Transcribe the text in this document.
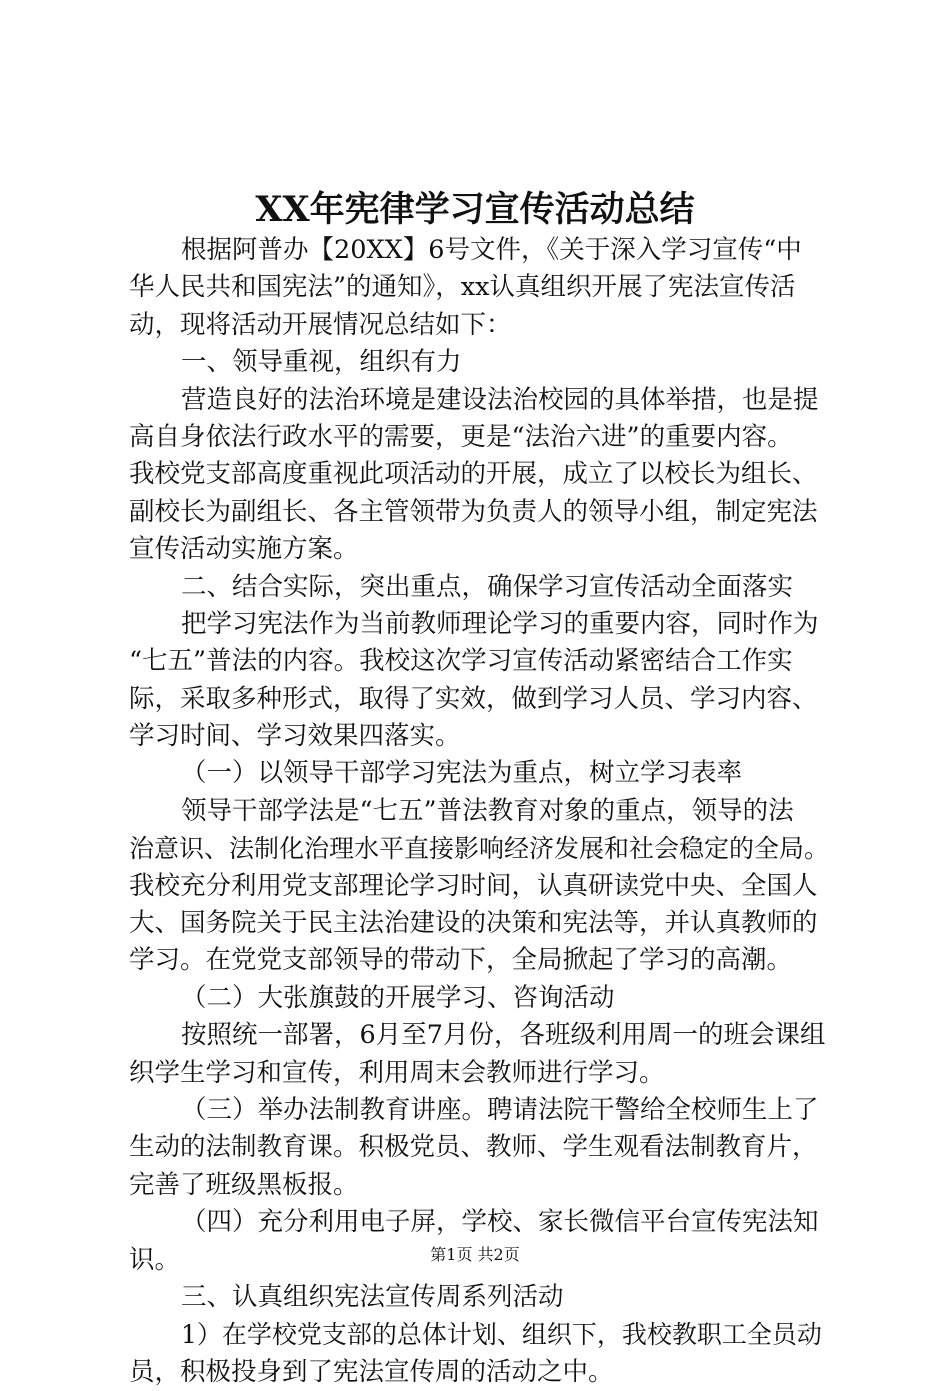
XX年宪律学习宣传活动总结
根据阿普办【20XX】6号文件，《关于深入学习宣传“中
华人民共和国宪法”的通知》，xx认真组织开展了宪法宣传活
动，现将活动开展情况总结如下：
一、领导重视，组织有力
营造良好的法治环境是建设法治校园的具体举措，也是提
高自身依法行政水平的需要，更是“法治六进”的重要内容。
我校党支部高度重视此项活动的开展，成立了以校长为组长、
副校长为副组长、各主管领带为负责人的领导小组，制定宪法
宣传活动实施方案。
二、结合实际，突出重点，确保学习宣传活动全面落实
把学习宪法作为当前教师理论学习的重要内容，同时作为
“七五”普法的内容。我校这次学习宣传活动紧密结合工作实
际，采取多种形式，取得了实效，做到学习人员、学习内容、
学习时间、学习效果四落实。
（一）以领导干部学习宪法为重点，树立学习表率
领导干部学法是“七五”普法教育对象的重点，领导的法
治意识、法制化治理水平直接影响经济发展和社会稳定的全局。
我校充分利用党支部理论学习时间，认真研读党中央、全国人
大、国务院关于民主法治建设的决策和宪法等，并认真教师的
学习。在党党支部领导的带动下，全局掀起了学习的高潮。
（二）大张旗鼓的开展学习、咨询活动
按照统一部署，6月至7月份，各班级利用周一的班会课组
织学生学习和宣传，利用周末会教师进行学习。
（三）举办法制教育讲座。聘请法院干警给全校师生上了
生动的法制教育课。积极党员、教师、学生观看法制教育片，
完善了班级黑板报。
（四）充分利用电子屏，学校、家长微信平台宣传宪法知
识。
三、认真组织宪法宣传周系列活动
1）在学校党支部的总体计划、组织下，我校教职工全员动
员，积极投身到了宪法宣传周的活动之中。
第1页 共2页
